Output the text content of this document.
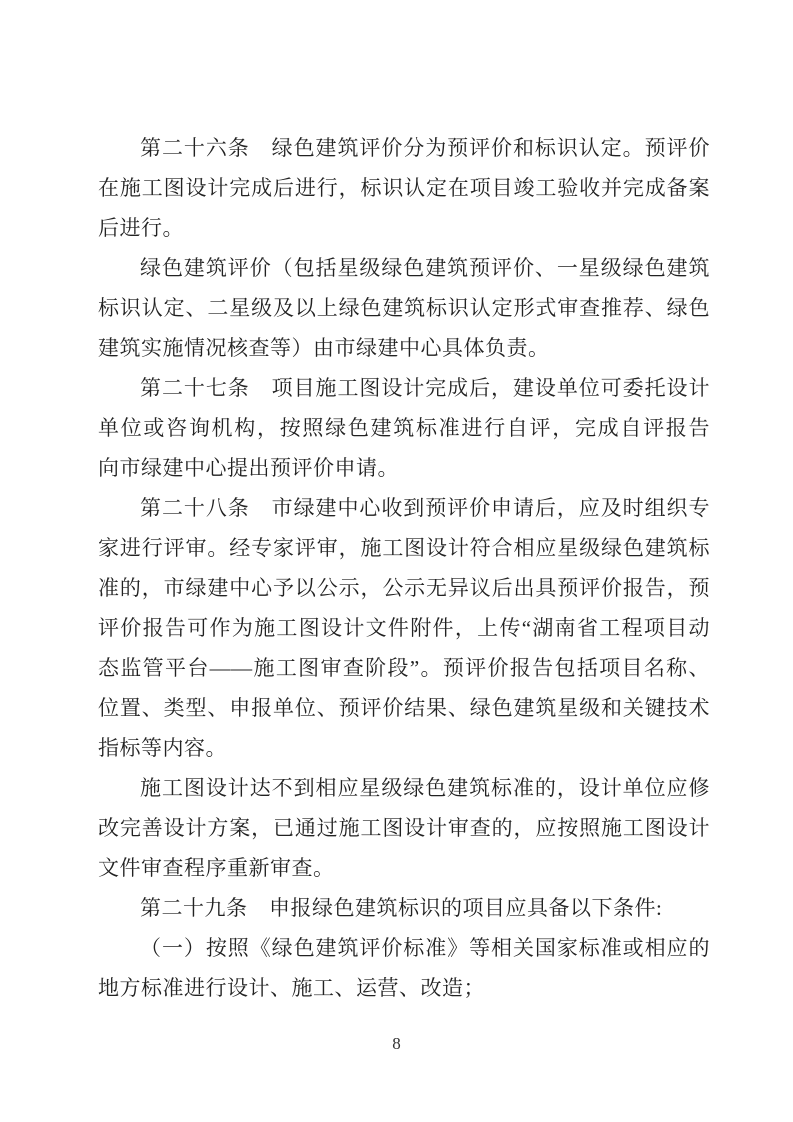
第二十六条　绿色建筑评价分为预评价和标识认定。预评价

在施工图设计完成后进行，标识认定在项目竣工验收并完成备案

后进行。

绿色建筑评价（包括星级绿色建筑预评价、一星级绿色建筑

标识认定、二星级及以上绿色建筑标识认定形式审查推荐、绿色

建筑实施情况核查等）由市绿建中心具体负责。

第二十七条　项目施工图设计完成后，建设单位可委托设计

单位或咨询机构，按照绿色建筑标准进行自评，完成自评报告

向市绿建中心提出预评价申请。

第二十八条　市绿建中心收到预评价申请后，应及时组织专

家进行评审。经专家评审，施工图设计符合相应星级绿色建筑标

准的，市绿建中心予以公示，公示无异议后出具预评价报告，预

评价报告可作为施工图设计文件附件，上传“湖南省工程项目动

态监管平台——施工图审查阶段”。预评价报告包括项目名称、

位置、类型、申报单位、预评价结果、绿色建筑星级和关键技术

指标等内容。

施工图设计达不到相应星级绿色建筑标准的，设计单位应修

改完善设计方案，已通过施工图设计审查的，应按照施工图设计

文件审查程序重新审查。

第二十九条　申报绿色建筑标识的项目应具备以下条件:

（一）按照《绿色建筑评价标准》等相关国家标准或相应的

地方标准进行设计、施工、运营、改造；

8
